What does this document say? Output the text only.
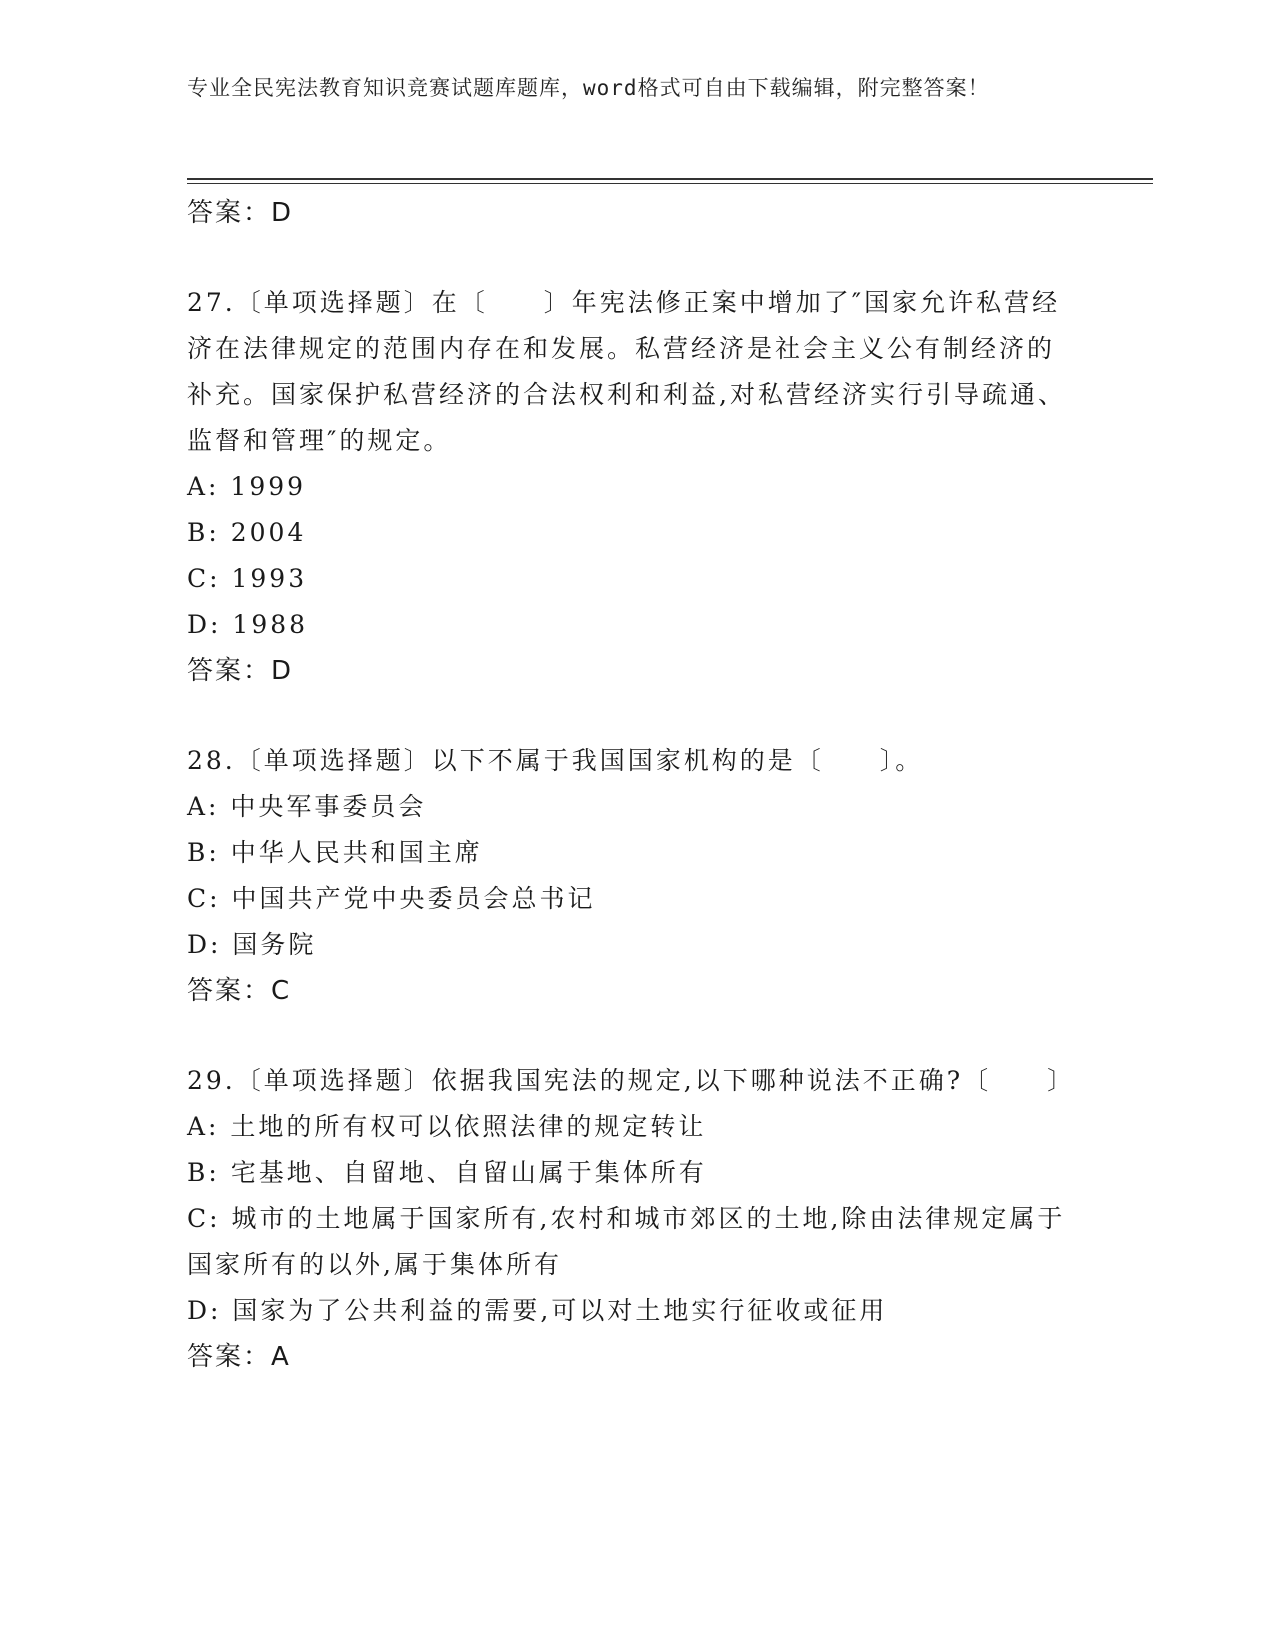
专业全民宪法教育知识竞赛试题库题库，word格式可自由下载编辑，附完整答案！
答案：D
27.〔单项选择题〕在〔　　〕年宪法修正案中增加了″国家允许私营经济在法律规定的范围内存在和发展。私营经济是社会主义公有制经济的补充。国家保护私营经济的合法权利和利益,对私营经济实行引导疏通、监督和管理″的规定。
A: 1999
B: 2004
C: 1993
D: 1988
答案：D
28.〔单项选择题〕以下不属于我国国家机构的是〔　　〕。
A: 中央军事委员会
B: 中华人民共和国主席
C: 中国共产党中央委员会总书记
D: 国务院
答案：C
29.〔单项选择题〕依据我国宪法的规定,以下哪种说法不正确?〔　　〕
A: 土地的所有权可以依照法律的规定转让
B: 宅基地、自留地、自留山属于集体所有
C: 城市的土地属于国家所有,农村和城市郊区的土地,除由法律规定属于国家所有的以外,属于集体所有
D: 国家为了公共利益的需要,可以对土地实行征收或征用
答案：A
